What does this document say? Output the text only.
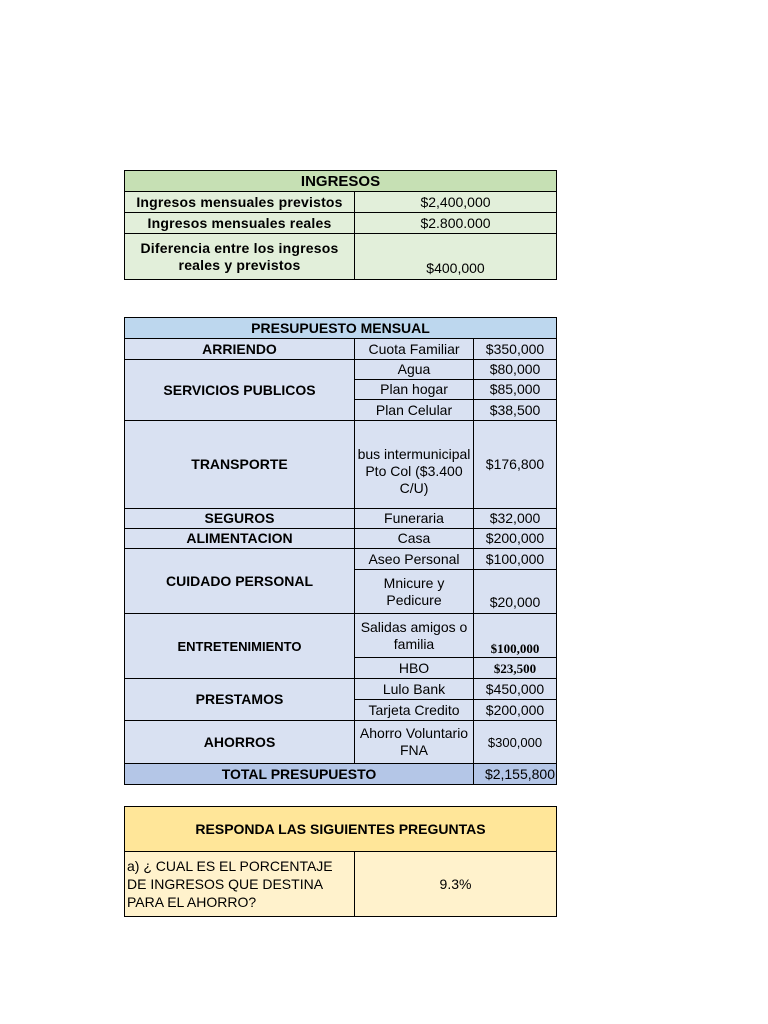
INGRESOS	
Ingresos mensuales previstos	$2,400,000
Ingresos mensuales reales	$2.800.000
Diferencia entre los ingresos reales y previstos	$400,000
PRESUPUESTO MENSUAL		
ARRIENDO	Cuota Familiar	$350,000
SERVICIOS PUBLICOS	Agua	$80,000
	Plan hogar	$85,000
	Plan Celular	$38,500
TRANSPORTE	bus intermunicipal Pto Col ($3.400 C/U)	$176,800
SEGUROS	Funeraria	$32,000
ALIMENTACION	Casa	$200,000
CUIDADO PERSONAL	Aseo Personal	$100,000
	Mnicure y Pedicure	$20,000
ENTRETENIMIENTO	Salidas amigos o familia	$100,000
	HBO	$23,500
PRESTAMOS	Lulo Bank	$450,000
	Tarjeta Credito	$200,000
AHORROS	Ahorro Voluntario FNA	$300,000
TOTAL PRESUPUESTO		$2,155,800
RESPONDA LAS SIGUIENTES PREGUNTAS
a) ¿ CUAL ES EL PORCENTAJE DE INGRESOS QUE DESTINA PARA EL AHORRO?	9.3%
